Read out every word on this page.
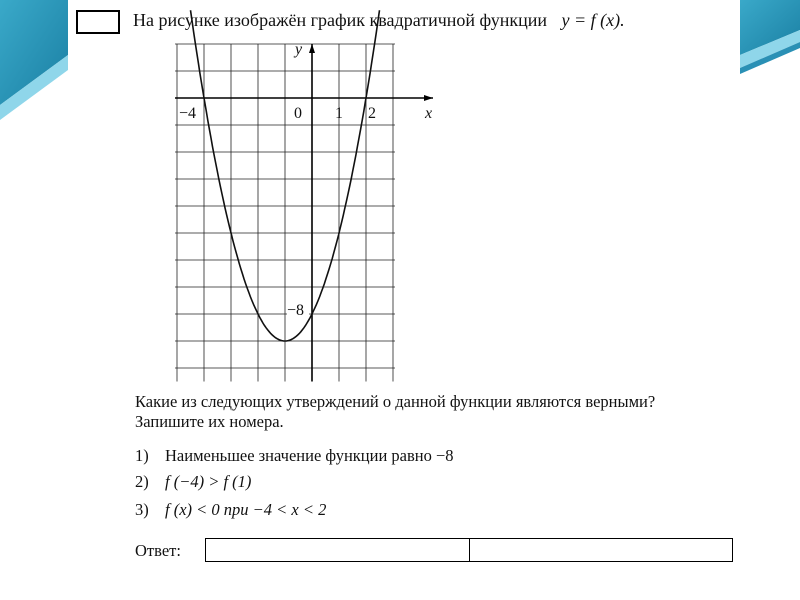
На рисунке изображён график квадратичной функции y = f (x).
x
y
−4	0 1 2
−8
Какие из следующих утверждений о данной функции являются верными?
Запишите их номера.
1) Наименьшее значение функции равно −8
2) f (−4) > f (1)
3) f (x) < 0 при −4 < x < 2
Ответ:
